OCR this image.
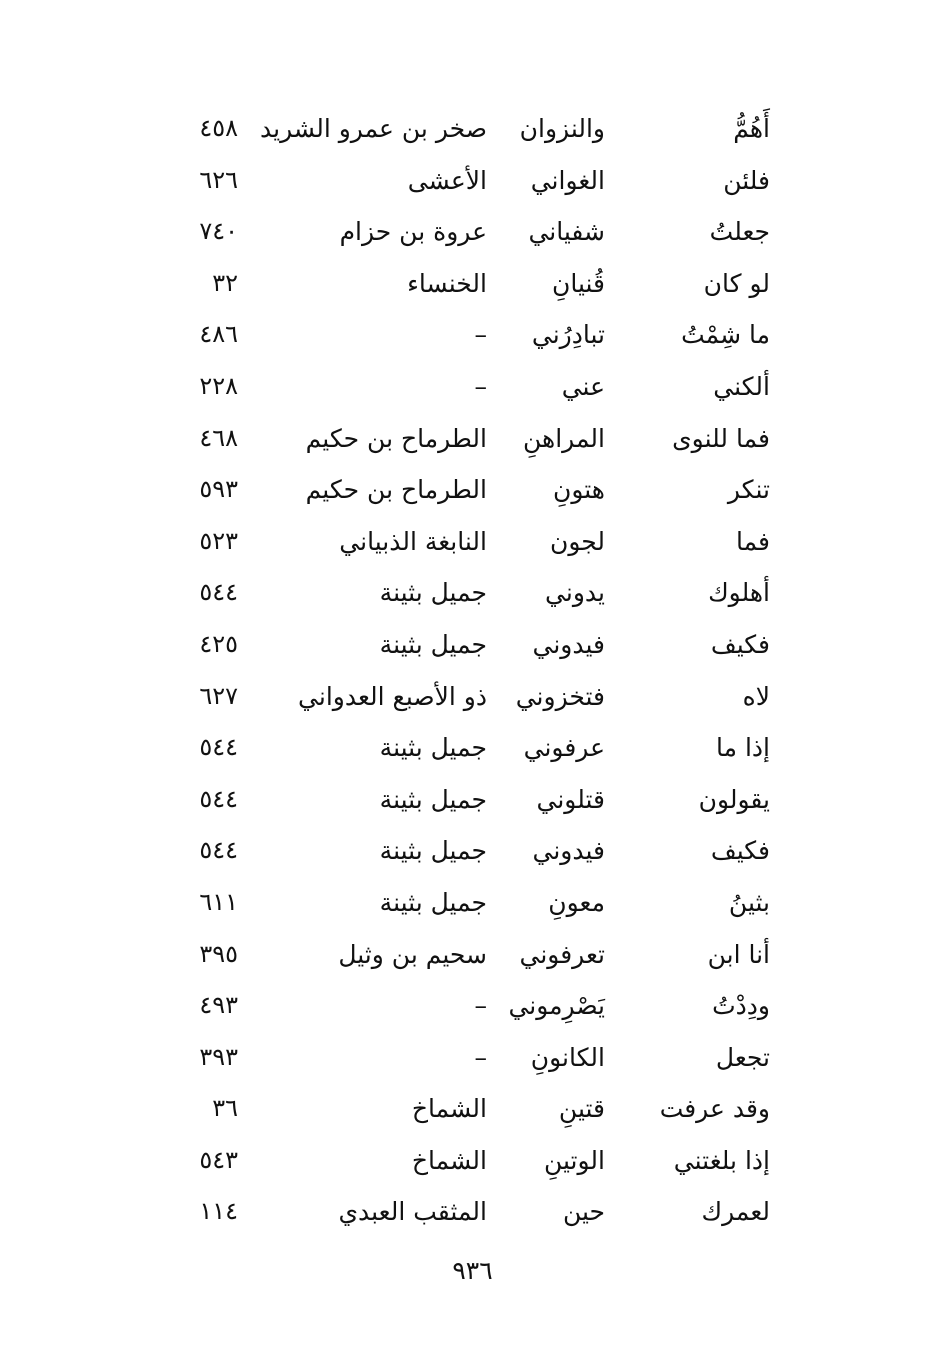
أَهُمُّ
والنزوان
صخر بن عمرو الشريد
٤٥٨
فلئن
الغواني
الأعشى
٦٢٦
جعلتُ
شفياني
عروة بن حزام
٧٤٠
لو كان
قُنيانِ
الخنساء
٣٢
ما شِمْتُ
تبادِرُني
–
٤٨٦
ألكني
عني
–
٢٢٨
فما للنوى
المراهنِ
الطرماح بن حكيم
٤٦٨
تنكر
هتونِ
الطرماح بن حكيم
٥٩٣
فما
لجون
النابغة الذبياني
٥٢٣
أهلوك
يدوني
جميل بثينة
٥٤٤
فكيف
فيدوني
جميل بثينة
٤٢٥
لاه
فتخزوني
ذو الأصبع العدواني
٦٢٧
إذا ما
عرفوني
جميل بثينة
٥٤٤
يقولون
قتلوني
جميل بثينة
٥٤٤
فكيف
فيدوني
جميل بثينة
٥٤٤
بثينُ
معونِ
جميل بثينة
٦١١
أنا ابن
تعرفوني
سحيم بن وثيل
٣٩٥
ودِدْتُ
يَصْرِموني
–
٤٩٣
تجعل
الكانونِ
–
٣٩٣
وقد عرفت
قتينِ
الشماخ
٣٦
إذا بلغتني
الوتينِ
الشماخ
٥٤٣
لعمرك
حين
المثقب العبدي
١١٤
٩٣٦
